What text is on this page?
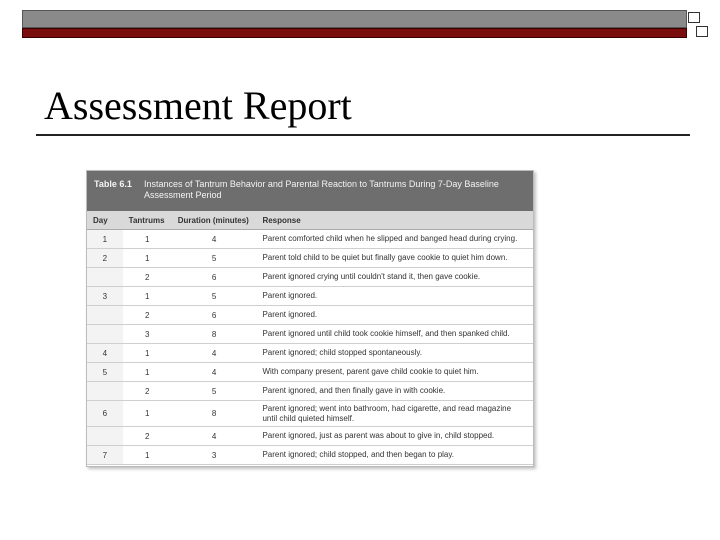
Assessment Report
Table 6.1 Instances of Tantrum Behavior and Parental Reaction to Tantrums During 7-Day Baseline Assessment Period
Day	Tantrums	Duration (minutes)	Response
1	1	4	Parent comforted child when he slipped and banged head during crying.
2	1	5	Parent told child to be quiet but finally gave cookie to quiet him down.
	2	6	Parent ignored crying until couldn't stand it, then gave cookie.
3	1	5	Parent ignored.
	2	6	Parent ignored.
	3	8	Parent ignored until child took cookie himself, and then spanked child.
4	1	4	Parent ignored; child stopped spontaneously.
5	1	4	With company present, parent gave child cookie to quiet him.
	2	5	Parent ignored, and then finally gave in with cookie.
6	1	8	Parent ignored; went into bathroom, had cigarette, and read magazine until child quieted himself.
	2	4	Parent ignored, just as parent was about to give in, child stopped.
7	1	3	Parent ignored; child stopped, and then began to play.
